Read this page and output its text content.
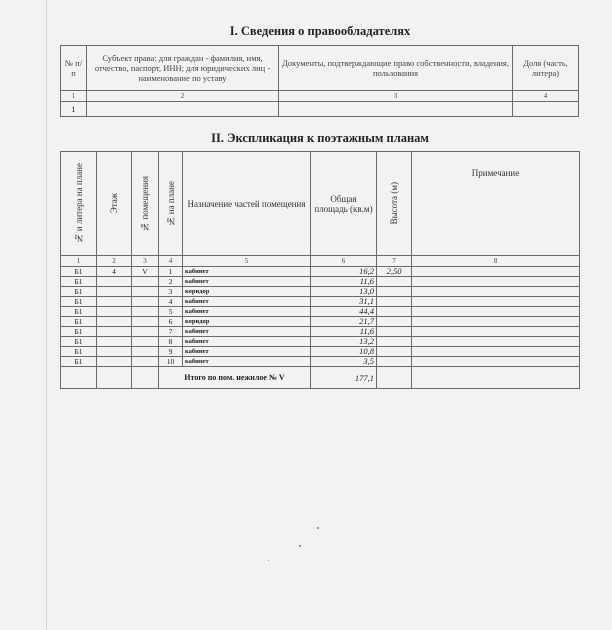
I. Сведения о правообладателях
№ п/п	Субъект права: для граждан - фамилия, имя, отчество, паспорт, ИНН; для юридических лиц - наименование по уставу	Документы, подтверждающие право собственности, владения, пользования	Доля (часть, литера)
1	2	3	4
1			
II. Экспликация к поэтажным планам
№ и литера на плане	Этаж	№ помещения	№ на плане	Назначение частей помещения	Общая площадь (кв.м)	Высота (м)	Примечание
1	2	3	4	5	6	7	8
Б1	4	V	1	кабинет	16,2	2,50	
Б1			2	кабинет	11,6		
Б1			3	коридор	13,0		
Б1			4	кабинет	31,1		
Б1			5	кабинет	44,4		
Б1			6	коридор	21,7		
Б1			7	кабинет	11,6		
Б1			8	кабинет	13,2		
Б1			9	кабинет	10,8		
Б1			10	кабинет	3,5		
			Итого по пом. нежилое № V		177,1		
